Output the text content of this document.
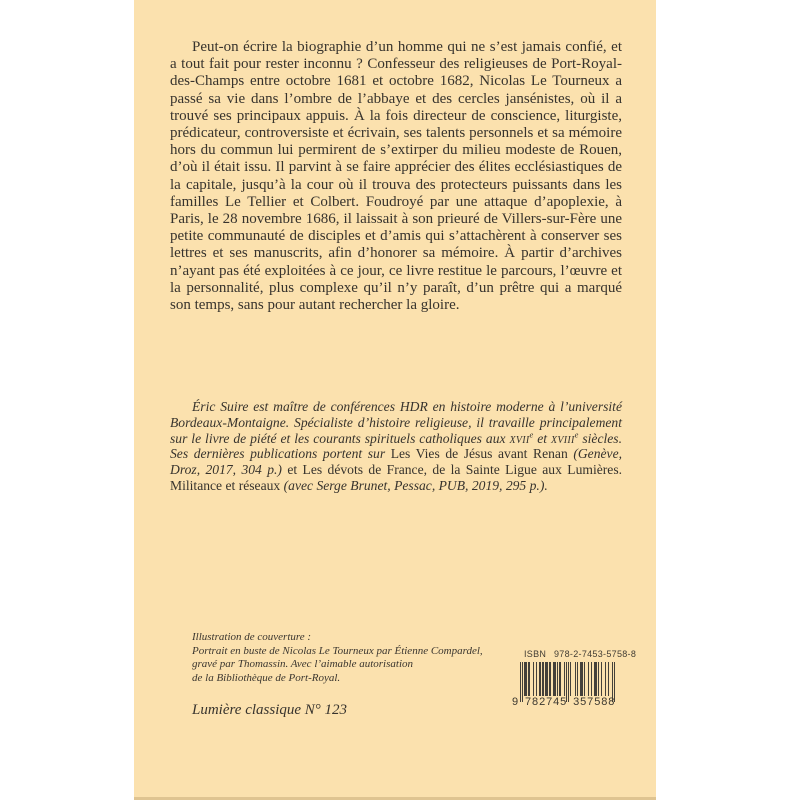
Peut-on écrire la biographie d’un homme qui ne s’est jamais confié, et a tout fait pour rester inconnu ? Confesseur des religieuses de Port-Royal-des-Champs entre octobre 1681 et octobre 1682, Nicolas Le Tourneux a passé sa vie dans l’ombre de l’abbaye et des cercles jansénistes, où il a trouvé ses principaux appuis. À la fois directeur de conscience, liturgiste, prédicateur, controversiste et écrivain, ses talents personnels et sa mémoire hors du commun lui permirent de s’extirper du milieu modeste de Rouen, d’où il était issu. Il parvint à se faire apprécier des élites ecclésiastiques de la capitale, jusqu’à la cour où il trouva des protecteurs puissants dans les familles Le Tellier et Colbert. Foudroyé par une attaque d’apoplexie, à Paris, le 28 novembre 1686, il laissait à son prieuré de Villers-sur-Fère une petite communauté de disciples et d’amis qui s’attachèrent à conserver ses lettres et ses manuscrits, afin d’honorer sa mémoire. À partir d’archives n’ayant pas été exploitées à ce jour, ce livre restitue le parcours, l’œuvre et la personnalité, plus complexe qu’il n’y paraît, d’un prêtre qui a marqué son temps, sans pour autant rechercher la gloire.

Éric Suire est maître de conférences HDR en histoire moderne à l’université Bordeaux-Montaigne. Spécialiste d’histoire religieuse, il travaille principalement sur le livre de piété et les courants spirituels catholiques aux xvii$^e$ et xviii$^e$ siècles. Ses dernières publications portent sur Les Vies de Jésus avant Renan (Genève, Droz, 2017, 304 p.) et Les dévots de France, de la Sainte Ligue aux Lumières. Militance et réseaux (avec Serge Brunet, Pessac, PUB, 2019, 295 p.).

Illustration de couverture :
Portrait en buste de Nicolas Le Tourneux par Étienne Compardel,
gravé par Thomassin. Avec l’aimable autorisation
de la Bibliothèque de Port-Royal.
Lumière classique N° 123
ISBN 978-2-7453-5758-8
9 782745 357588
